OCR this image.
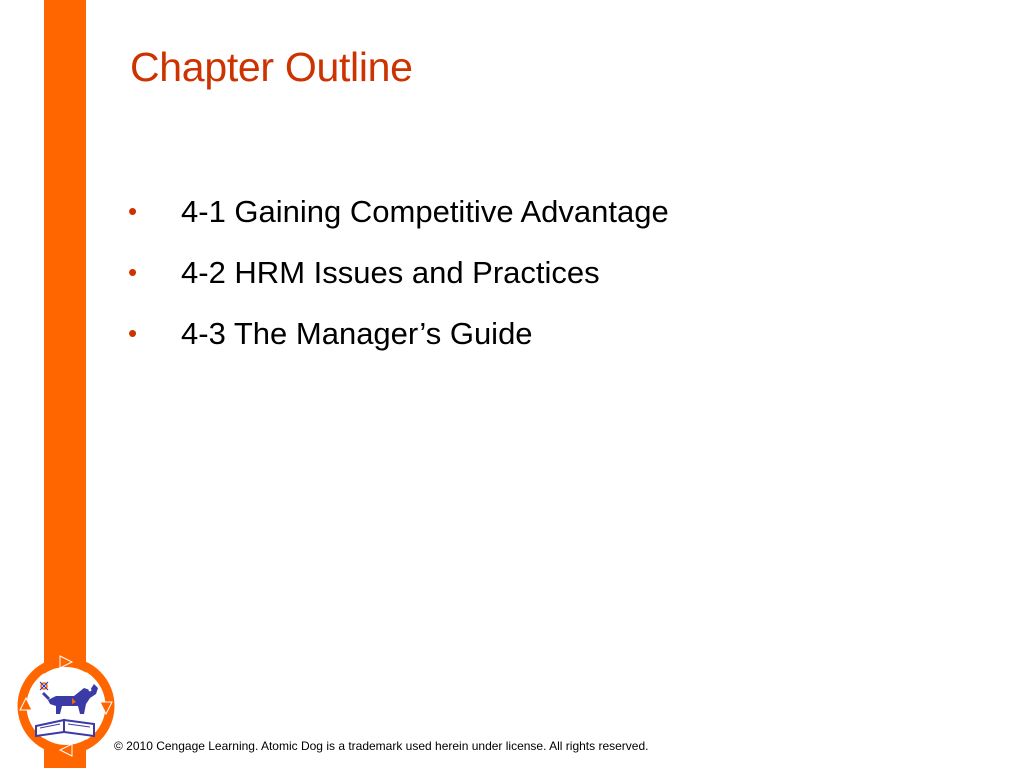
Chapter Outline
• 4-1 Gaining Competitive Advantage
• 4-2 HRM Issues and Practices
• 4-3 The Manager’s Guide
© 2010 Cengage Learning. Atomic Dog is a trademark used herein under license. All rights reserved.
